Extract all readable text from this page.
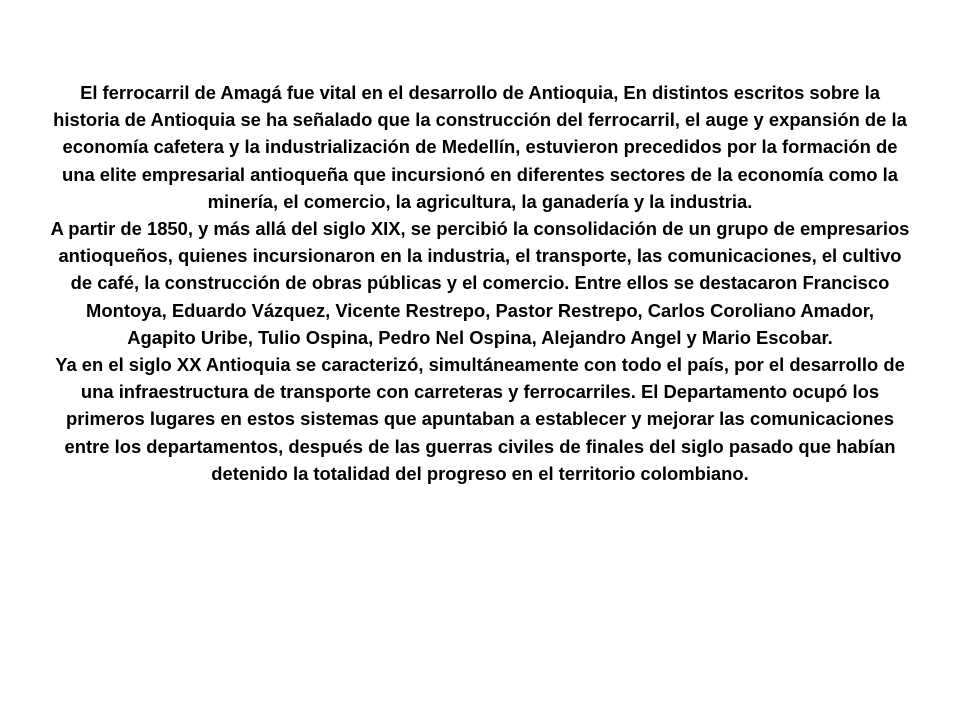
El ferrocarril de Amagá fue vital en el desarrollo de Antioquia, En distintos escritos sobre la historia de Antioquia se ha señalado que la construcción del ferrocarril, el auge y expansión de la economía cafetera y la industrialización de Medellín, estuvieron precedidos por la formación de una elite empresarial antioqueña que incursionó en diferentes sectores de la economía como la minería, el comercio, la agricultura, la ganadería y la industria.

A partir de 1850, y más allá del siglo XIX, se percibió la consolidación de un grupo de empresarios antioqueños, quienes incursionaron en la industria, el transporte, las comunicaciones, el cultivo de café, la construcción de obras públicas y el comercio. Entre ellos se destacaron Francisco Montoya, Eduardo Vázquez, Vicente Restrepo, Pastor Restrepo, Carlos Coroliano Amador, Agapito Uribe, Tulio Ospina, Pedro Nel Ospina, Alejandro Angel y Mario Escobar.

Ya en el siglo XX Antioquia se caracterizó, simultáneamente con todo el país, por el desarrollo de una infraestructura de transporte con carreteras y ferrocarriles. El Departamento ocupó los primeros lugares en estos sistemas que apuntaban a establecer y mejorar las comunicaciones entre los departamentos, después de las guerras civiles de finales del siglo pasado que habían detenido la totalidad del progreso en el territorio colombiano.
